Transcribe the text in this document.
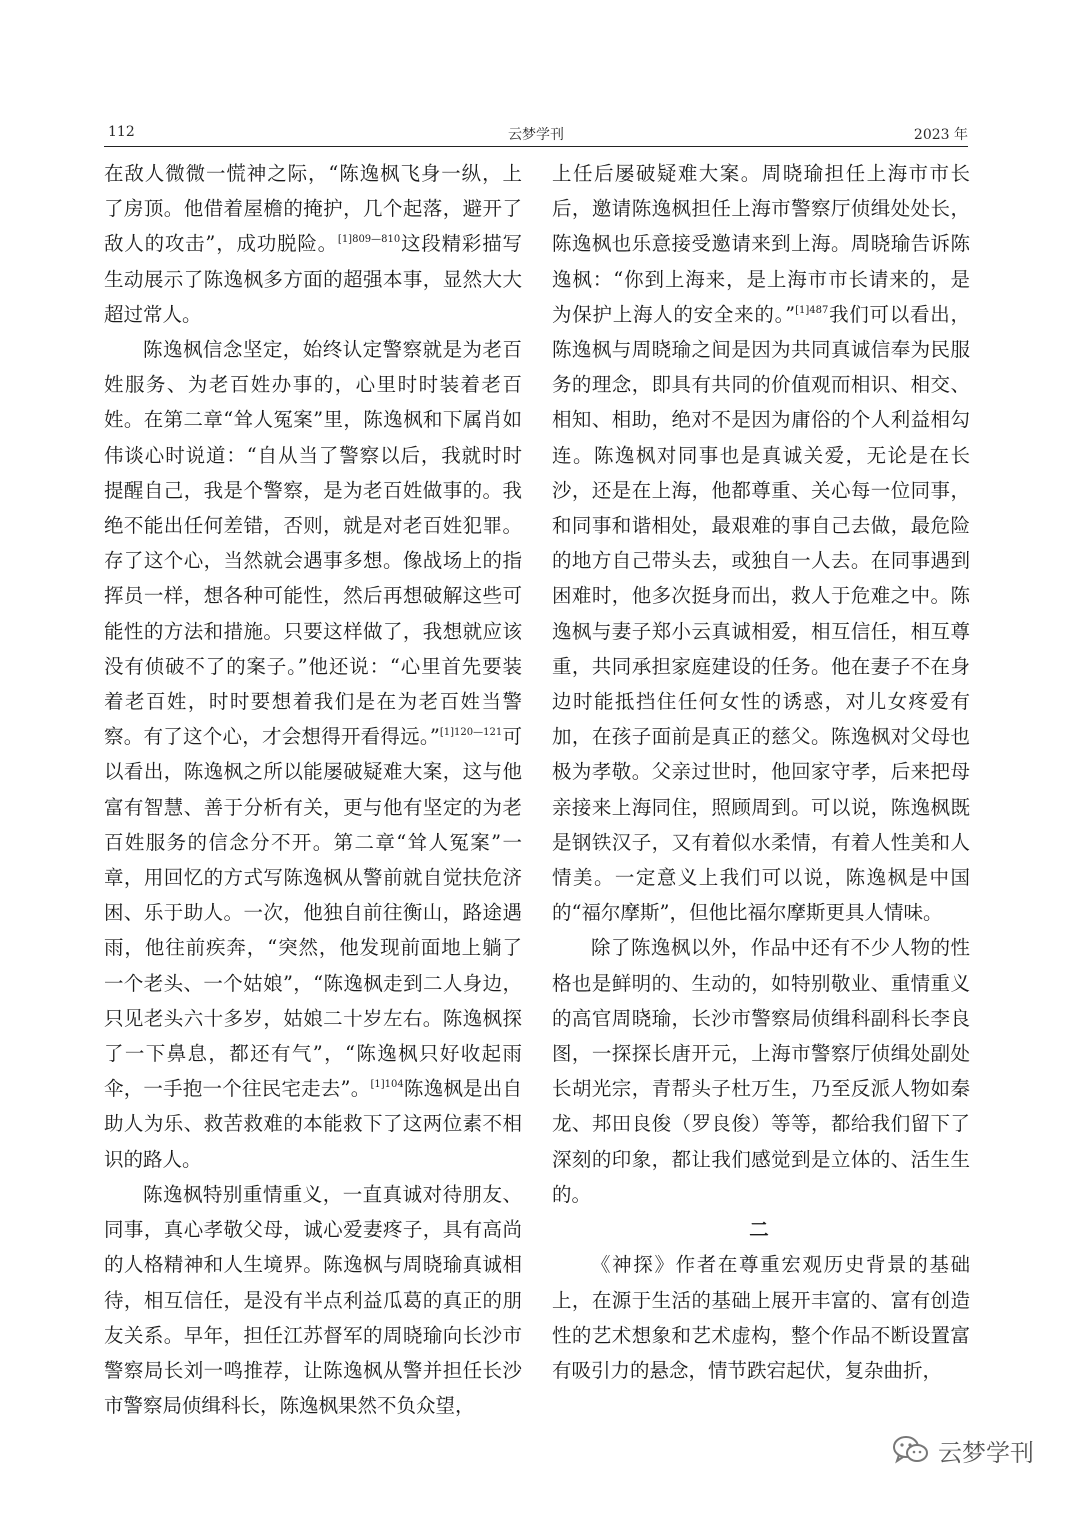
112	云梦学刊	2023 年

在敌人微微一慌神之际，“陈逸枫飞身一纵，上了房顶。他借着屋檐的掩护，几个起落，避开了敌人的攻击”，成功脱险。$^{[1]809—810}$这段精彩描写生动展示了陈逸枫多方面的超强本事，显然大大超过常人。

陈逸枫信念坚定，始终认定警察就是为老百姓服务、为老百姓办事的，心里时时装着老百姓。在第二章“耸人冤案”里，陈逸枫和下属肖如伟谈心时说道：“自从当了警察以后，我就时时提醒自己，我是个警察，是为老百姓做事的。我绝不能出任何差错，否则，就是对老百姓犯罪。存了这个心，当然就会遇事多想。像战场上的指挥员一样，想各种可能性，然后再想破解这些可能性的方法和措施。只要这样做了，我想就应该没有侦破不了的案子。”他还说：“心里首先要装着老百姓，时时要想着我们是在为老百姓当警察。有了这个心，才会想得开看得远。”$^{[1]120—121}$可以看出，陈逸枫之所以能屡破疑难大案，这与他富有智慧、善于分析有关，更与他有坚定的为老百姓服务的信念分不开。第二章“耸人冤案”一章，用回忆的方式写陈逸枫从警前就自觉扶危济困、乐于助人。一次，他独自前往衡山，路途遇雨，他往前疾奔，“突然，他发现前面地上躺了一个老头、一个姑娘”，“陈逸枫走到二人身边，只见老头六十多岁，姑娘二十岁左右。陈逸枫探了一下鼻息，都还有气”，“陈逸枫只好收起雨伞，一手抱一个往民宅走去”。$^{[1]104}$陈逸枫是出自助人为乐、救苦救难的本能救下了这两位素不相识的路人。

陈逸枫特别重情重义，一直真诚对待朋友、同事，真心孝敬父母，诚心爱妻疼子，具有高尚的人格精神和人生境界。陈逸枫与周晓瑜真诚相待，相互信任，是没有半点利益瓜葛的真正的朋友关系。早年，担任江苏督军的周晓瑜向长沙市警察局长刘一鸣推荐，让陈逸枫从警并担任长沙市警察局侦缉科长，陈逸枫果然不负众望，

上任后屡破疑难大案。周晓瑜担任上海市市长后，邀请陈逸枫担任上海市警察厅侦缉处处长，陈逸枫也乐意接受邀请来到上海。周晓瑜告诉陈逸枫：“你到上海来，是上海市市长请来的，是为保护上海人的安全来的。”$^{[1]487}$我们可以看出，陈逸枫与周晓瑜之间是因为共同真诚信奉为民服务的理念，即具有共同的价值观而相识、相交、相知、相助，绝对不是因为庸俗的个人利益相勾连。陈逸枫对同事也是真诚关爱，无论是在长沙，还是在上海，他都尊重、关心每一位同事，和同事和谐相处，最艰难的事自己去做，最危险的地方自己带头去，或独自一人去。在同事遇到困难时，他多次挺身而出，救人于危难之中。陈逸枫与妻子郑小云真诚相爱，相互信任，相互尊重，共同承担家庭建设的任务。他在妻子不在身边时能抵挡住任何女性的诱惑，对儿女疼爱有加，在孩子面前是真正的慈父。陈逸枫对父母也极为孝敬。父亲过世时，他回家守孝，后来把母亲接来上海同住，照顾周到。可以说，陈逸枫既是钢铁汉子，又有着似水柔情，有着人性美和人情美。一定意义上我们可以说，陈逸枫是中国的“福尔摩斯”，但他比福尔摩斯更具人情味。

除了陈逸枫以外，作品中还有不少人物的性格也是鲜明的、生动的，如特别敬业、重情重义的高官周晓瑜，长沙市警察局侦缉科副科长李良图，一探探长唐开元，上海市警察厅侦缉处副处长胡光宗，青帮头子杜万生，乃至反派人物如秦龙、邦田良俊（罗良俊）等等，都给我们留下了深刻的印象，都让我们感觉到是立体的、活生生的。

二

《神探》作者在尊重宏观历史背景的基础上，在源于生活的基础上展开丰富的、富有创造性的艺术想象和艺术虚构，整个作品不断设置富有吸引力的悬念，情节跌宕起伏，复杂曲折，

云梦学刊
